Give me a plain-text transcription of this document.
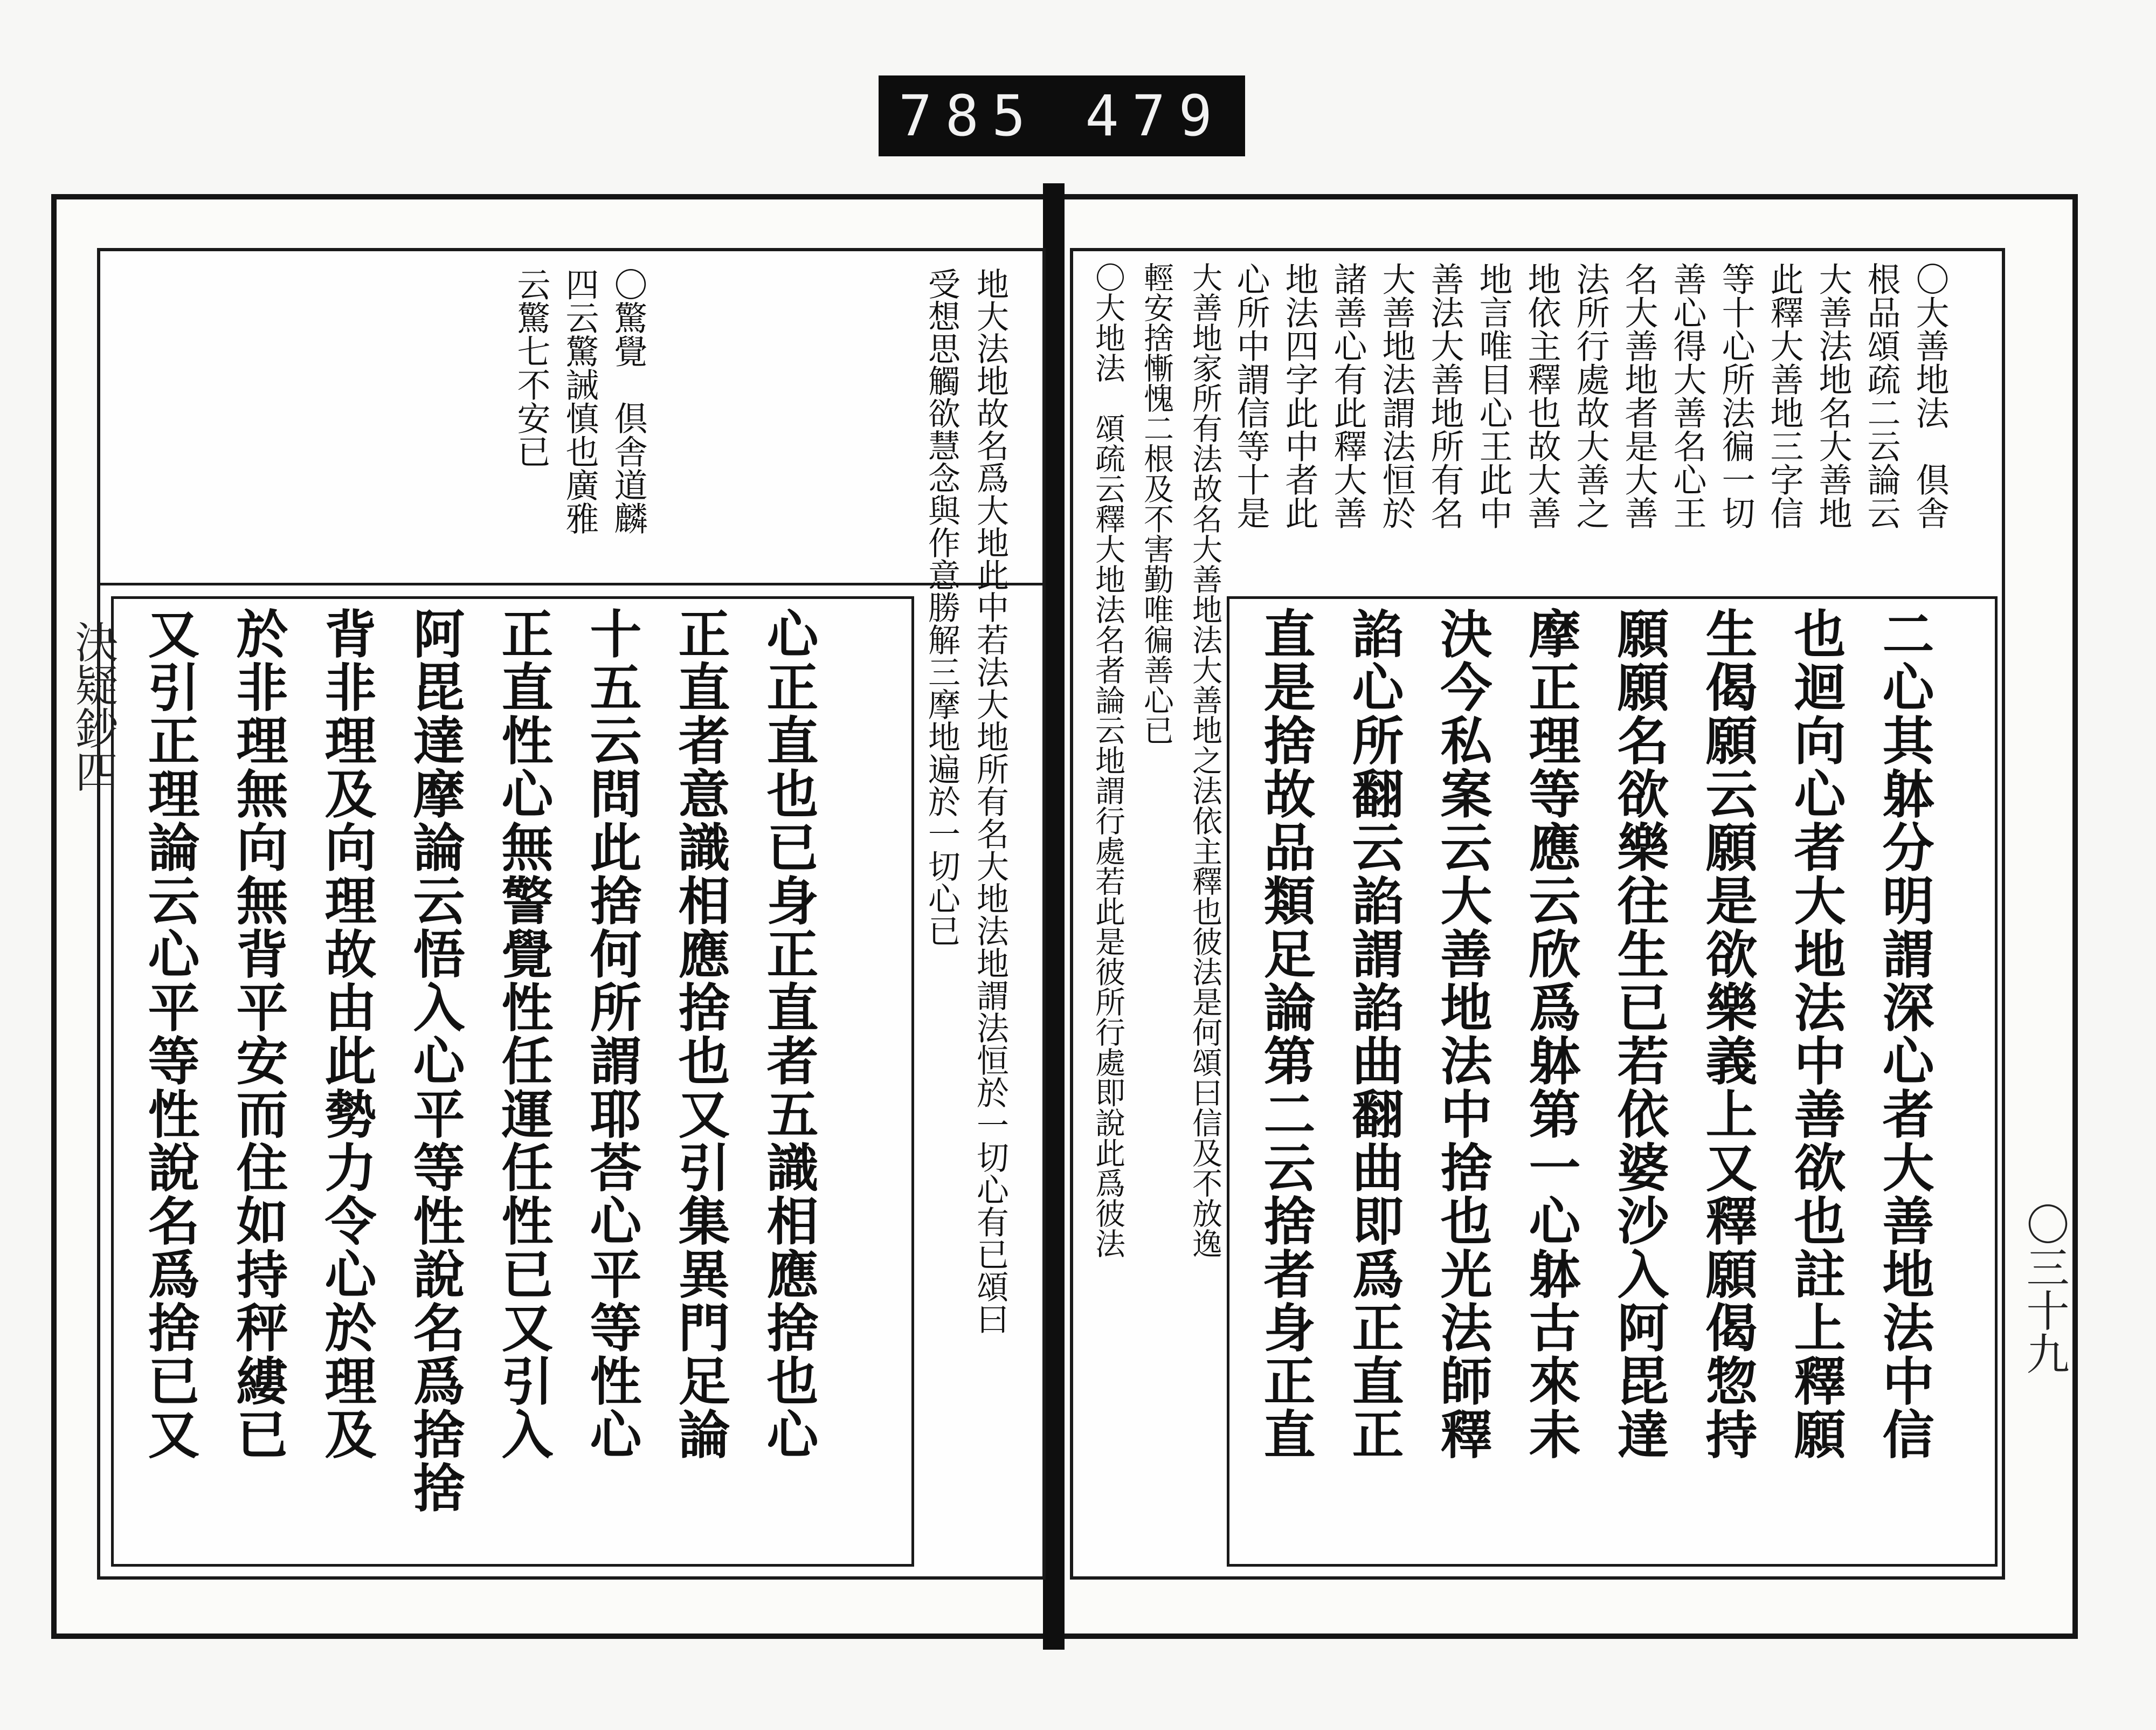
785 479
地大法地故名爲大地此中若法大地所有名大地法地謂法恒於一切心有已頌曰
受想思觸欲慧念與作意勝解三摩地遍於一切心已
〇驚覺　倶舎道麟
四云驚誡慎也廣雅
云驚七不安已
心正直也已身正直者五識相應捨也心
正直者意識相應捨也又引集異門足論
十五云問此捨何所謂耶荅心平等性心
正直性心無警覺性任運任性已又引入
阿毘達摩論云悟入心平等性說名爲捨捨
背非理及向理故由此勢力令心於理及
於非理無向無背平安而住如持秤縷已
又引正理論云心平等性說名爲捨已又
決疑鈔四
〇大善地法　倶舎
根品頌疏二云論云
大善法地名大善地
此釋大善地三字信
等十心所法徧一切
善心得大善名心王
名大善地者是大善
法所行處故大善之
地依主釋也故大善
地言唯目心王此中
善法大善地所有名
大善地法謂法恒於
諸善心有此釋大善
地法四字此中者此
心所中謂信等十是
大善地家所有法故名大善地法大善地之法依主釋也彼法是何頌曰信及不放逸
輕安捨慚愧二根及不害勤唯徧善心已
〇大地法　頌疏云釋大地法名者論云地謂行處若此是彼所行處即說此爲彼法	二心其躰分明謂深心者大善地法中信
也迴向心者大地法中善欲也註上釋願
生偈願云願是欲樂義上又釋願偈惣持
願願名欲樂往生已若依婆沙入阿毘達
摩正理等應云欣爲躰第一心躰古來未
決今私案云大善地法中捨也光法師釋
諂心所翻云諂謂諂曲翻曲即爲正直正
直是捨故品類足論第二云捨者身正直	〇三十九
